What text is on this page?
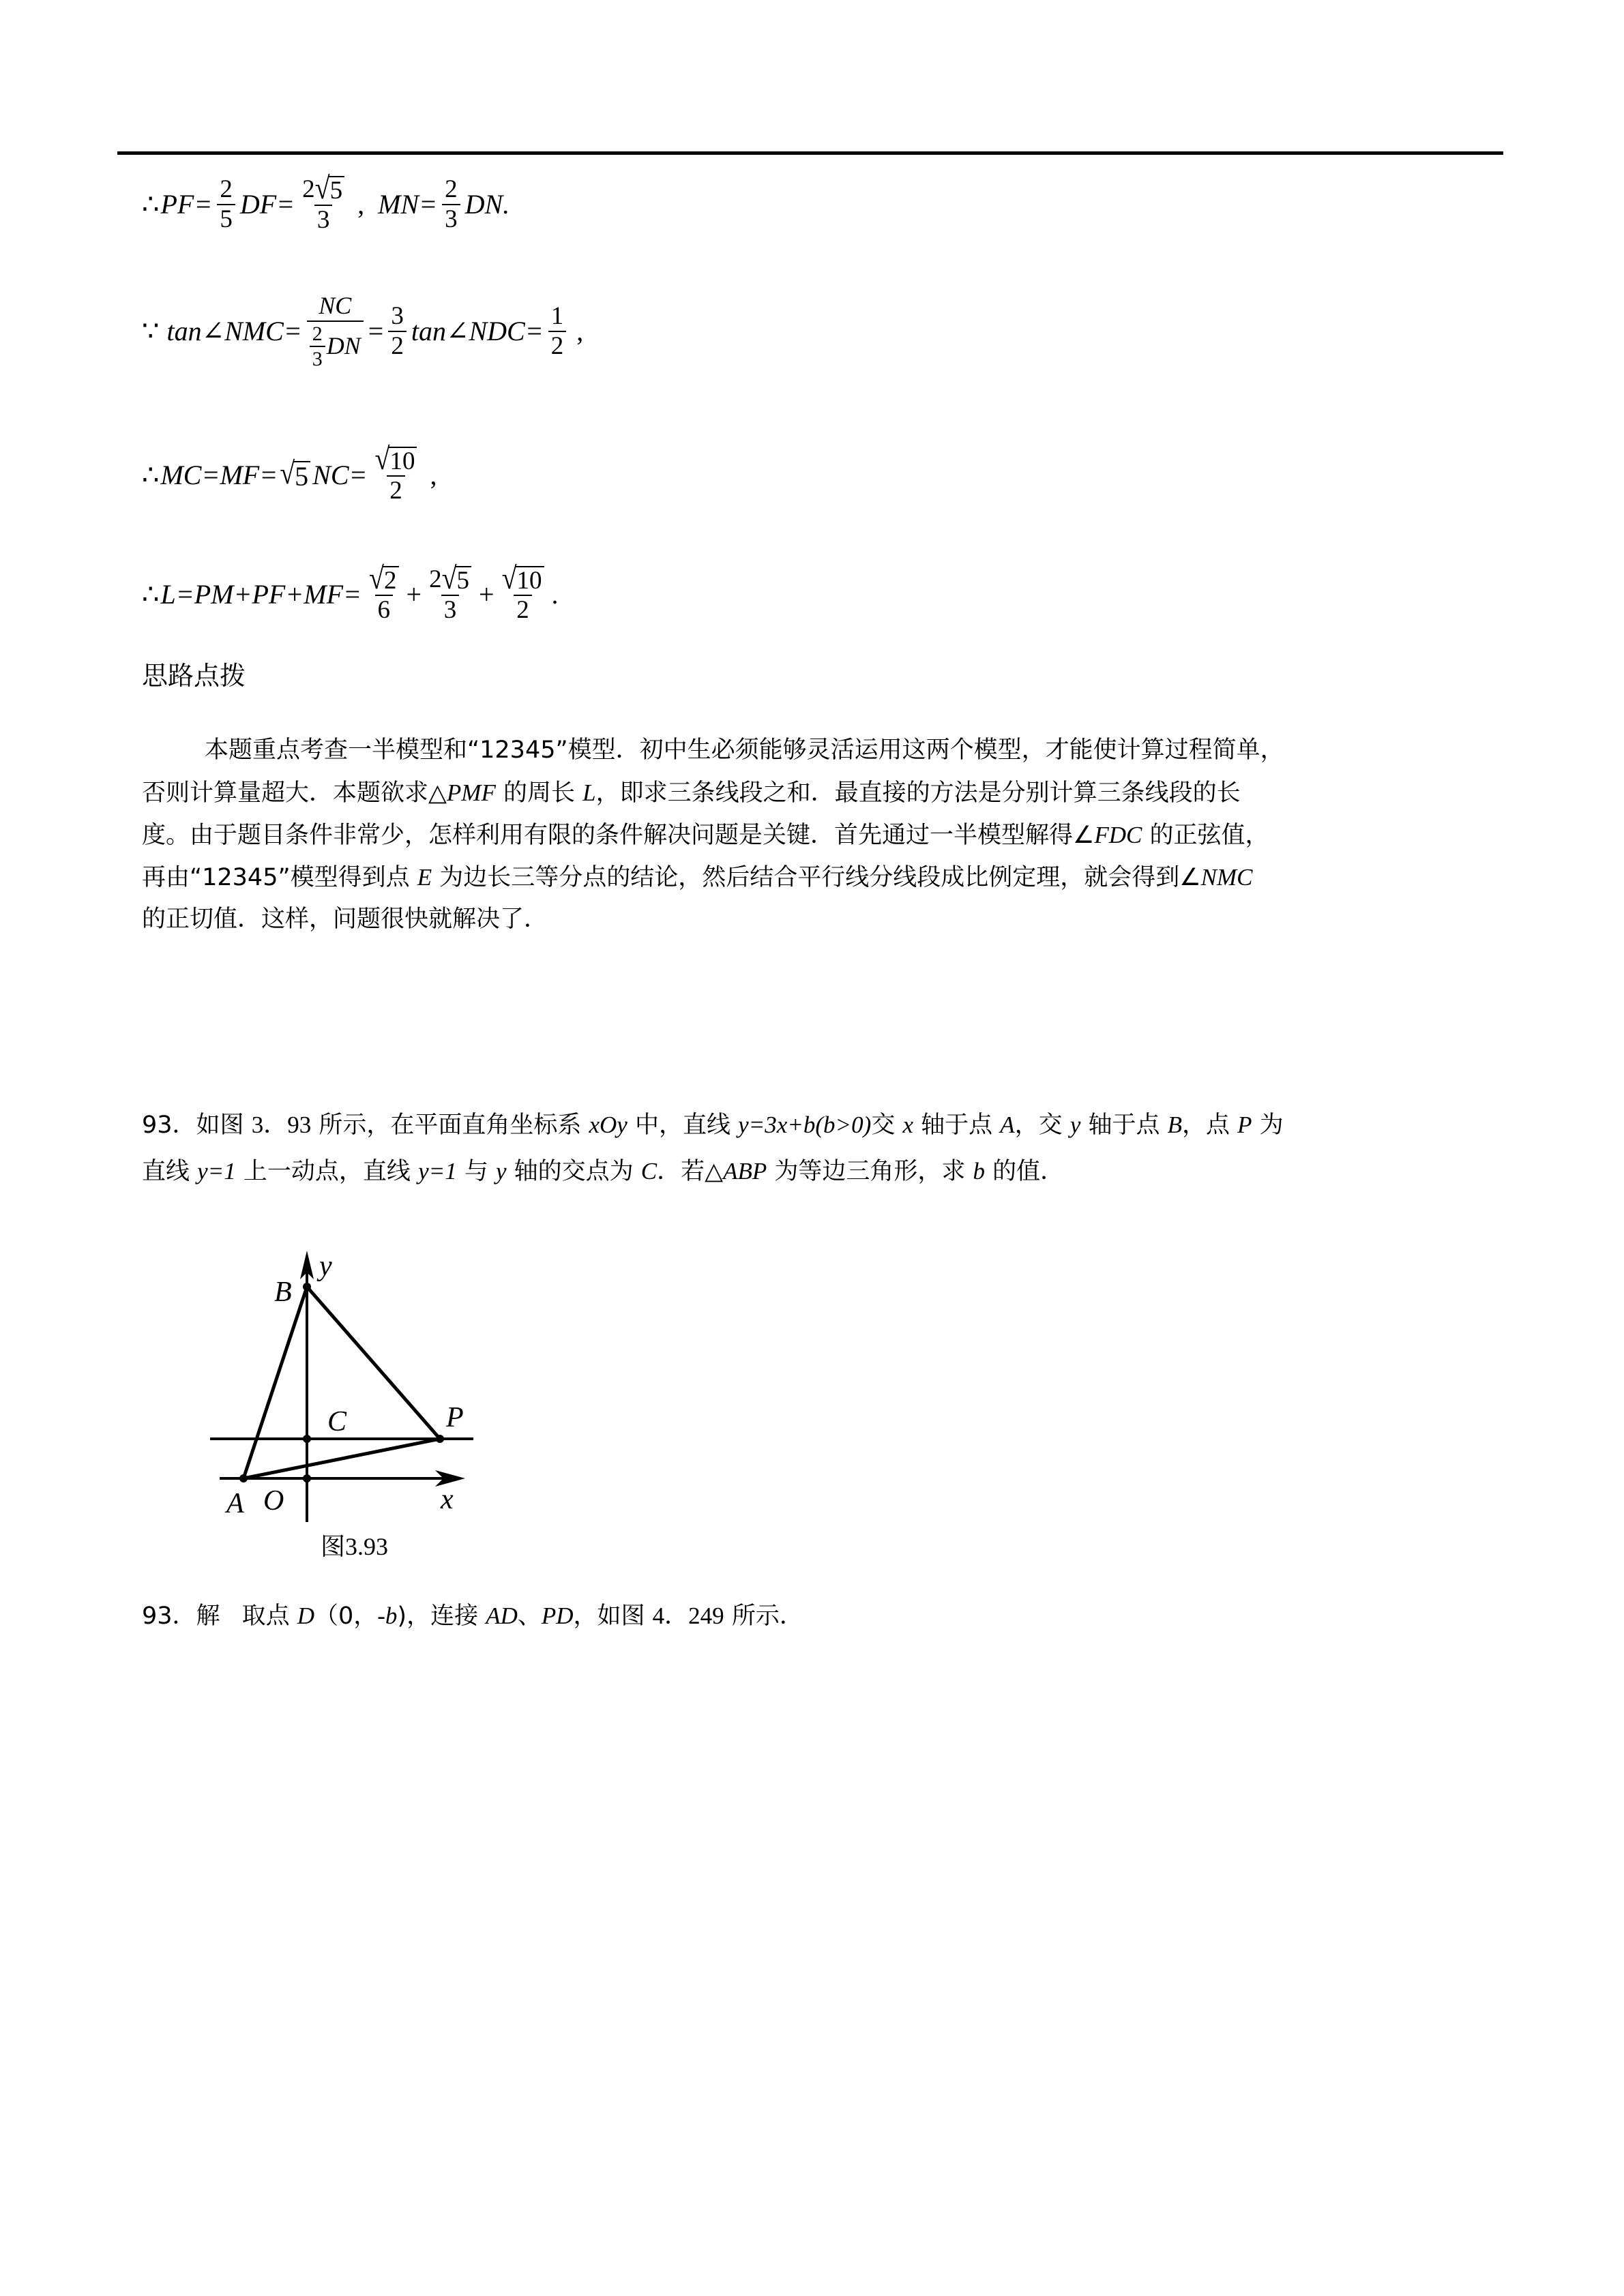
∴ $PF= \frac{2}{5} DF= \frac{2 √ 5}{3}$ , $MN= \frac{2}{3}$ DN.
∵ tan∠NMC= $\frac{NC}{\frac{2}{3} DN} = \frac{3}{2}$ tan∠NDC= $\frac{1}{2}$ ,
∴ MC=MF= √ 5 $NC= \frac{√ 10}{2}$ ,
∴ $L=PM+PF+MF= \frac{√ 2}{6} + \frac{2 √ 5}{3} + \frac{√ 10}{2}$ .
思路点拨
本题重点考查一半模型和“12345”模型．初中生必须能够灵活运用这两个模型，才能使计算过程简单，
否则计算量超大．本题欲求△PMF 的周长 L，即求三条线段之和．最直接的方法是分别计算三条线段的长
度。由于题目条件非常少，怎样利用有限的条件解决问题是关键．首先通过一半模型解得∠FDC 的正弦值，
再由“12345”模型得到点 E 为边长三等分点的结论，然后结合平行线分线段成比例定理，就会得到∠NMC
的正切值．这样，问题很快就解决了．
93．如图 3．93 所示，在平面直角坐标系 xOy 中，直线 y=3x+b(b>0)交 x 轴于点 A，交 y 轴于点 B，点 P 为
直线 y=1 上一动点，直线 y=1 与 y 轴的交点为 C．若△ABP 为等边三角形，求 b 的值．
B
y
C	P
A O	x
图3.93
93．解 取点 D（0，-b)，连接 AD、PD，如图 4．249 所示．
